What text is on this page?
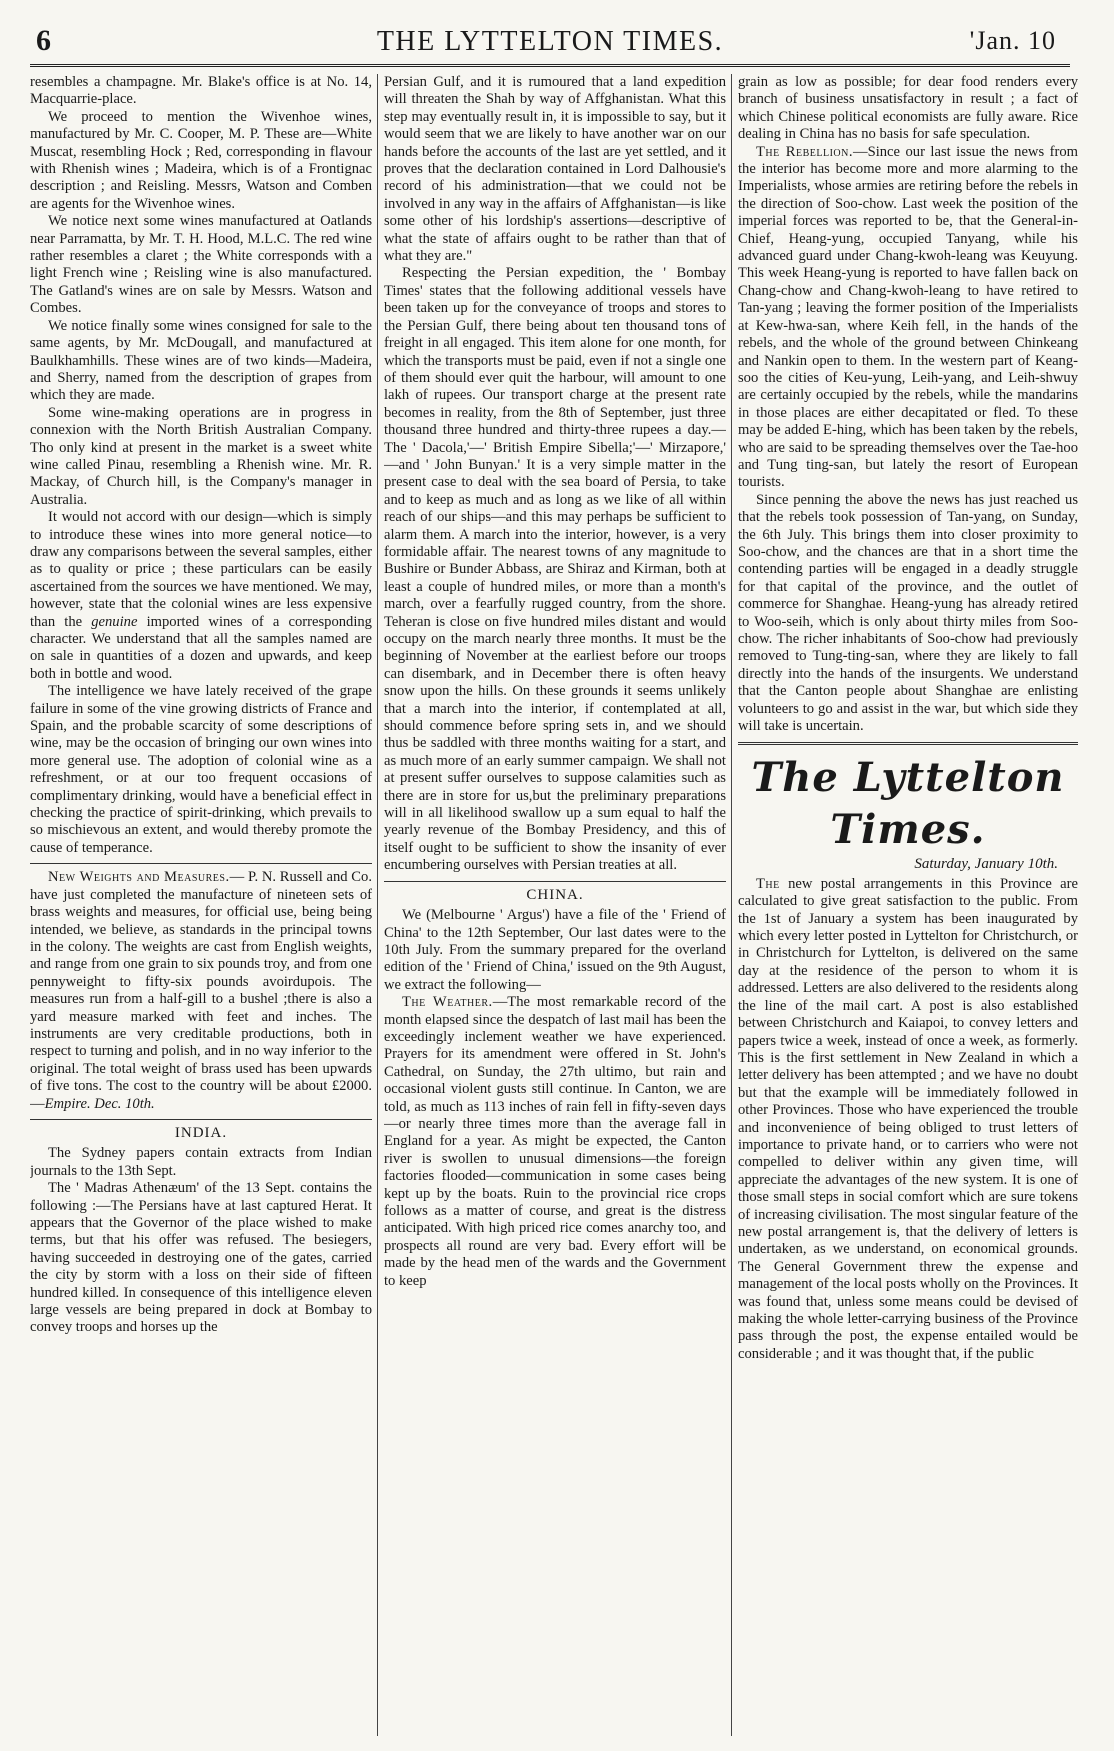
6	THE LYTTELTON TIMES.	'Jan. 10

resembles a champagne. Mr. Blake's office is at No. 14, Macquarrie-place.

We proceed to mention the Wivenhoe wines, manufactured by Mr. C. Cooper, M. P. These are—White Muscat, resembling Hock ; Red, corresponding in flavour with Rhenish wines ; Madeira, which is of a Frontignac description ; and Reisling. Messrs, Watson and Comben are agents for the Wivenhoe wines.

We notice next some wines manufactured at Oatlands near Parramatta, by Mr. T. H. Hood, M.L.C. The red wine rather resembles a claret ; the White corresponds with a light French wine ; Reisling wine is also manufactured. The Gatland's wines are on sale by Messrs. Watson and Combes.

We notice finally some wines consigned for sale to the same agents, by Mr. McDougall, and manufactured at Baulkhamhills. These wines are of two kinds—Madeira, and Sherry, named from the description of grapes from which they are made.

Some wine-making operations are in progress in connexion with the North British Australian Company. Tho only kind at present in the market is a sweet white wine called Pinau, resembling a Rhenish wine. Mr. R. Mackay, of Church hill, is the Company's manager in Australia.

It would not accord with our design—which is simply to introduce these wines into more general notice—to draw any comparisons between the several samples, either as to quality or price ; these particulars can be easily ascertained from the sources we have mentioned. We may, however, state that the colonial wines are less expensive than the genuine imported wines of a corresponding character. We understand that all the samples named are on sale in quantities of a dozen and upwards, and keep both in bottle and wood.

The intelligence we have lately received of the grape failure in some of the vine growing districts of France and Spain, and the probable scarcity of some descriptions of wine, may be the occasion of bringing our own wines into more general use. The adoption of colonial wine as a refreshment, or at our too frequent occasions of complimentary drinking, would have a beneficial effect in checking the practice of spirit-drinking, which prevails to so mischievous an extent, and would thereby promote the cause of temperance.

New Weights and Measures.— P. N. Russell and Co. have just completed the manufacture of nineteen sets of brass weights and measures, for official use, being being intended, we believe, as standards in the principal towns in the colony. The weights are cast from English weights, and range from one grain to six pounds troy, and from one pennyweight to fifty-six pounds avoirdupois. The measures run from a half-gill to a bushel ;there is also a yard measure marked with feet and inches. The instruments are very creditable productions, both in respect to turning and polish, and in no way inferior to the original. The total weight of brass used has been upwards of five tons. The cost to the country will be about £2000.—Empire. Dec. 10th.

INDIA.

The Sydney papers contain extracts from Indian journals to the 13th Sept.

The ' Madras Athenæum' of the 13 Sept. contains the following :—The Persians have at last captured Herat. It appears that the Governor of the place wished to make terms, but that his offer was refused. The besiegers, having succeeded in destroying one of the gates, carried the city by storm with a loss on their side of fifteen hundred killed. In consequence of this intelligence eleven large vessels are being prepared in dock at Bombay to convey troops and horses up the

Persian Gulf, and it is rumoured that a land expedition will threaten the Shah by way of Affghanistan. What this step may eventually result in, it is impossible to say, but it would seem that we are likely to have another war on our hands before the accounts of the last are yet settled, and it proves that the declaration contained in Lord Dalhousie's record of his administration—that we could not be involved in any way in the affairs of Affghanistan—is like some other of his lordship's assertions—descriptive of what the state of affairs ought to be rather than that of what they are."

Respecting the Persian expedition, the ' Bombay Times' states that the following additional vessels have been taken up for the conveyance of troops and stores to the Persian Gulf, there being about ten thousand tons of freight in all engaged. This item alone for one month, for which the transports must be paid, even if not a single one of them should ever quit the harbour, will amount to one lakh of rupees. Our transport charge at the present rate becomes in reality, from the 8th of September, just three thousand three hundred and thirty-three rupees a day.—The ' Dacola,'—' British Empire Sibella;'—' Mirzapore,' —and ' John Bunyan.' It is a very simple matter in the present case to deal with the sea board of Persia, to take and to keep as much and as long as we like of all within reach of our ships—and this may perhaps be sufficient to alarm them. A march into the interior, however, is a very formidable affair. The nearest towns of any magnitude to Bushire or Bunder Abbass, are Shiraz and Kirman, both at least a couple of hundred miles, or more than a month's march, over a fearfully rugged country, from the shore. Teheran is close on five hundred miles distant and would occupy on the march nearly three months. It must be the beginning of November at the earliest before our troops can disembark, and in December there is often heavy snow upon the hills. On these grounds it seems unlikely that a march into the interior, if contemplated at all, should commence before spring sets in, and we should thus be saddled with three months waiting for a start, and as much more of an early summer campaign. We shall not at present suffer ourselves to suppose calamities such as there are in store for us,but the preliminary preparations will in all likelihood swallow up a sum equal to half the yearly revenue of the Bombay Presidency, and this of itself ought to be sufficient to show the insanity of ever encumbering ourselves with Persian treaties at all.

CHINA.

We (Melbourne ' Argus') have a file of the ' Friend of China' to the 12th September, Our last dates were to the 10th July. From the summary prepared for the overland edition of the ' Friend of China,' issued on the 9th August, we extract the following—

The Weather.—The most remarkable record of the month elapsed since the despatch of last mail has been the exceedingly inclement weather we have experienced. Prayers for its amendment were offered in St. John's Cathedral, on Sunday, the 27th ultimo, but rain and occasional violent gusts still continue. In Canton, we are told, as much as 113 inches of rain fell in fifty-seven days—or nearly three times more than the average fall in England for a year. As might be expected, the Canton river is swollen to unusual dimensions—the foreign factories flooded—communication in some cases being kept up by the boats. Ruin to the provincial rice crops follows as a matter of course, and great is the distress anticipated. With high priced rice comes anarchy too, and prospects all round are very bad. Every effort will be made by the head men of the wards and the Government to keep

grain as low as possible; for dear food renders every branch of business unsatisfactory in result ; a fact of which Chinese political economists are fully aware. Rice dealing in China has no basis for safe speculation.

The Rebellion.—Since our last issue the news from the interior has become more and more alarming to the Imperialists, whose armies are retiring before the rebels in the direction of Soo-chow. Last week the position of the imperial forces was reported to be, that the General-in-Chief, Heang-yung, occupied Tanyang, while his advanced guard under Chang-kwoh-leang was Keuyung. This week Heang-yung is reported to have fallen back on Chang-chow and Chang-kwoh-leang to have retired to Tan-yang ; leaving the former position of the Imperialists at Kew-hwa-san, where Keih fell, in the hands of the rebels, and the whole of the ground between Chinkeang and Nankin open to them. In the western part of Keang-soo the cities of Keu-yung, Leih-yang, and Leih-shwuy are certainly occupied by the rebels, while the mandarins in those places are either decapitated or fled. To these may be added E-hing, which has been taken by the rebels, who are said to be spreading themselves over the Tae-hoo and Tung ting-san, but lately the resort of European tourists.

Since penning the above the news has just reached us that the rebels took possession of Tan-yang, on Sunday, the 6th July. This brings them into closer proximity to Soo-chow, and the chances are that in a short time the contending parties will be engaged in a deadly struggle for that capital of the province, and the outlet of commerce for Shanghae. Heang-yung has already retired to Woo-seih, which is only about thirty miles from Soo-chow. The richer inhabitants of Soo-chow had previously removed to Tung-ting-san, where they are likely to fall directly into the hands of the insurgents. We understand that the Canton people about Shanghae are enlisting volunteers to go and assist in the war, but which side they will take is uncertain.

The Lyttelton Times.
Saturday, January 10th.

The new postal arrangements in this Province are calculated to give great satisfaction to the public. From the 1st of January a system has been inaugurated by which every letter posted in Lyttelton for Christchurch, or in Christchurch for Lyttelton, is delivered on the same day at the residence of the person to whom it is addressed. Letters are also delivered to the residents along the line of the mail cart. A post is also established between Christchurch and Kaiapoi, to convey letters and papers twice a week, instead of once a week, as formerly. This is the first settlement in New Zealand in which a letter delivery has been attempted ; and we have no doubt but that the example will be immediately followed in other Provinces. Those who have experienced the trouble and inconvenience of being obliged to trust letters of importance to private hand, or to carriers who were not compelled to deliver within any given time, will appreciate the advantages of the new system. It is one of those small steps in social comfort which are sure tokens of increasing civilisation. The most singular feature of the new postal arrangement is, that the delivery of letters is undertaken, as we understand, on economical grounds. The General Government threw the expense and management of the local posts wholly on the Provinces. It was found that, unless some means could be devised of making the whole letter-carrying business of the Province pass through the post, the expense entailed would be considerable ; and it was thought that, if the public
